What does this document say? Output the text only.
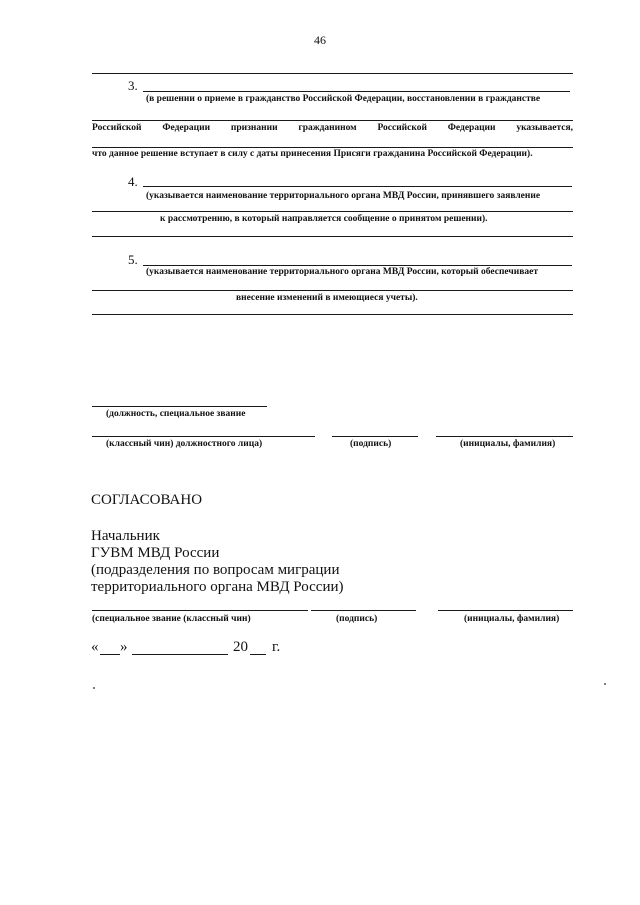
46
3.
(в решении о приеме в гражданство Российской Федерации, восстановлении в гражданстве
Российской Федерации признании гражданином Российской Федерации указывается,
что данное решение вступает в силу с даты принесения Присяги гражданина Российской Федерации).
4.
(указывается наименование территориального органа МВД России, принявшего заявление
к рассмотрению, в который направляется сообщение о принятом решении).
5.
(указывается наименование территориального органа МВД России, который обеспечивает
внесение изменений в имеющиеся учеты).
(должность, специальное звание
(классный чин) должностного лица)	(подпись)	(инициалы, фамилия)
СОГЛАСОВАНО
Начальник
ГУВМ МВД России
(подразделения по вопросам миграции
территориального органа МВД России)
(специальное звание (классный чин)	(подпись)	(инициалы, фамилия)
« »	20 г.
